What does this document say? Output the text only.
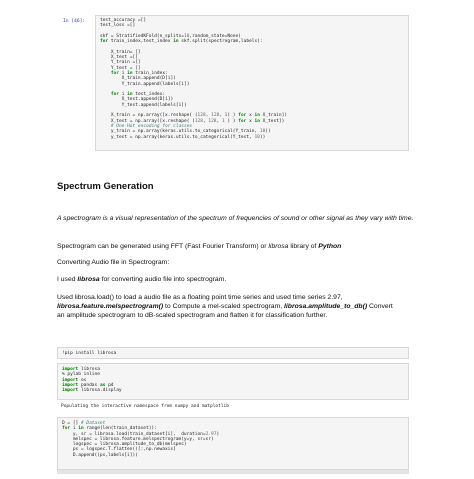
In [46]:	test_accuracy =[]
test_loss =[]

skf = StratifiedKFold(n_splits=10,random_state=None)
for train_index,test_index in skf.split(spectrogram,labels):

X_train= []
X_test =[]
Y_train =[]
Y_test = []
for i in train_index:
X_train.append(D[i])
Y_train.append(labels[i])

for i in test_index:
X_test.append(D[i])
Y_test.append(labels[i])

X_train = np.array([x.reshape( (128, 128, 1) ) for x in X_train])
X_test = np.array([x.reshape( (128, 128, 1 ) ) for x in X_test])
# One-Hot encoding for classes
y_train = np.array(keras.utils.to_categorical(Y_train, 10))
y_test = np.array(keras.utils.to_categorical(Y_test, 10))
Spectrum Generation
A spectrogram is a visual representation of the spectrum of frequencies of sound or other signal as they vary with time.
Spectrogram can be generated using FFT (Fast Fourier Transform) or librosa library of Python
Converting Audio file in Spectrogram:
I used librosa for converting audio file into spectrogram.
Used librosa.load() to load a audio file as a floating point time series and used time series 2.97,
librosa.feature.melspectrogram() to Compute a mel-scaled spectrogram, librosa.amplitude_to_db() Convert
an amplitude spectrogram to dB-scaled spectrogram and flatten it for classification further.
!pip install librosa
import librosa
% pylab inline
import os
import pandas as pd
import librosa.display
Populating the interactive namespace from numpy and matplotlib
D = [] # Dataset
for i in range(len(train_dataset)):
y, sr = librosa.load(train_dataset[i],  duration=2.97)
melspec = librosa.feature.melspectrogram(y=y, sr=sr)
logspec = librosa.amplitude_to_db(melspec)
ps = logspec.T.flatten()[:,np.newaxis]
D.append((ps,labels[i]))
